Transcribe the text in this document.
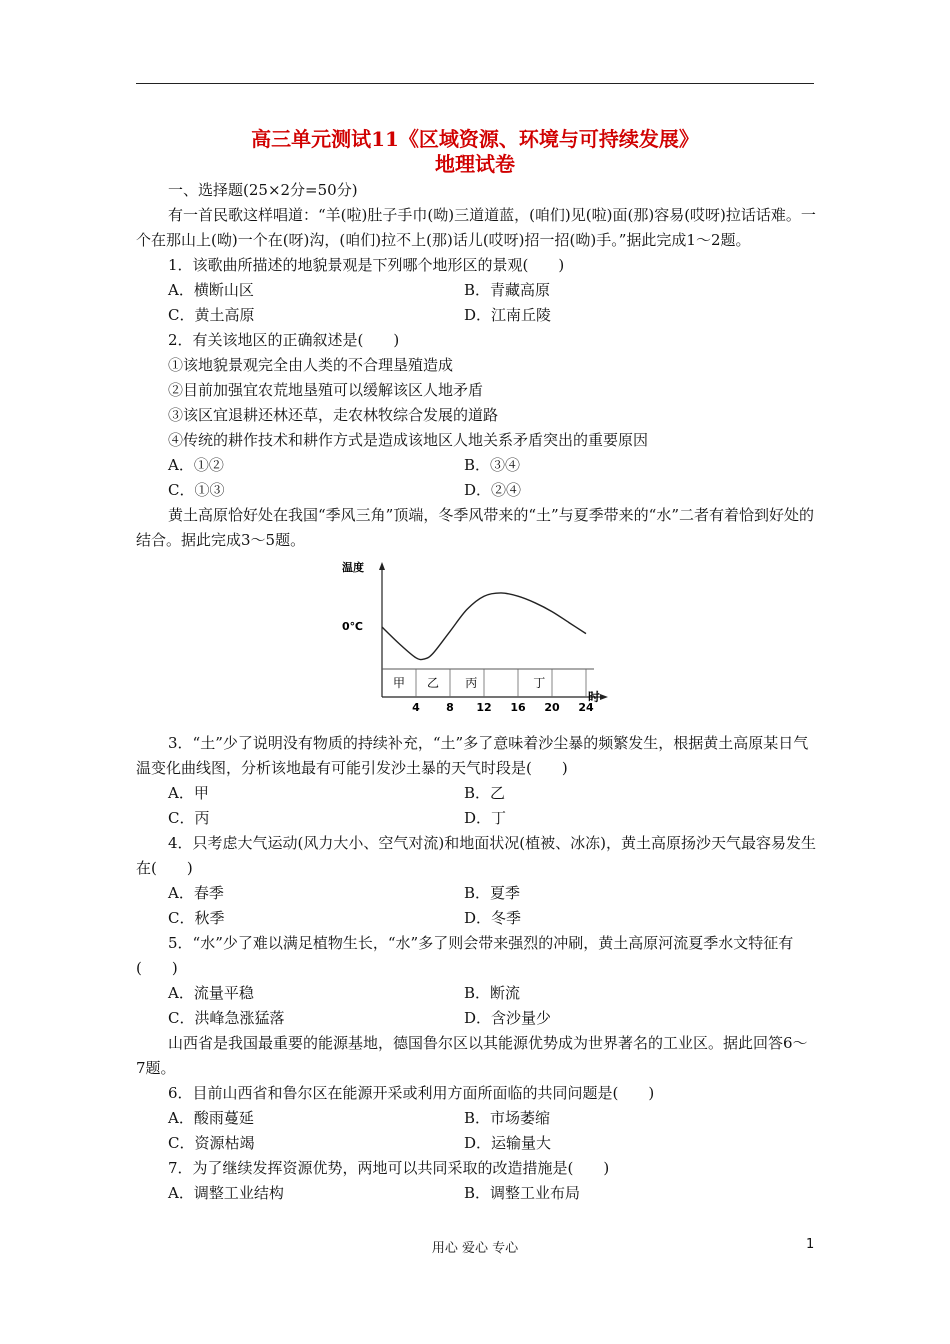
高三单元测试11《区域资源、环境与可持续发展》
地理试卷

一、选择题(25×2分=50分)

有一首民歌这样唱道：“羊(啦)肚子手巾(呦)三道道蓝，(咱们)见(啦)面(那)容易(哎呀)拉话话难。一个在那山上(呦)一个在(呀)沟，(咱们)拉不上(那)话儿(哎呀)招一招(呦)手。”据此完成1～2题。

1．该歌曲所描述的地貌景观是下列哪个地形区的景观(　　)

A．横断山区	B．青藏高原
C．黄土高原	D．江南丘陵

2．有关该地区的正确叙述是(　　)

①该地貌景观完全由人类的不合理垦殖造成

②目前加强宜农荒地垦殖可以缓解该区人地矛盾

③该区宜退耕还林还草，走农林牧综合发展的道路

④传统的耕作技术和耕作方式是造成该地区人地关系矛盾突出的重要原因

A．①②	B．③④
C．①③	D．②④

黄土高原恰好处在我国“季风三角”顶端，冬季风带来的“土”与夏季带来的“水”二者有着恰到好处的结合。据此完成3～5题。

温度
0℃
时
4 8 12 16 20 24
甲 乙 丙	丁

3．“土”少了说明没有物质的持续补充，“土”多了意味着沙尘暴的频繁发生，根据黄土高原某日气温变化曲线图，分析该地最有可能引发沙土暴的天气时段是(　　)

A．甲	B．乙
C．丙	D．丁

4．只考虑大气运动(风力大小、空气对流)和地面状况(植被、冰冻)，黄土高原扬沙天气最容易发生在(　　)

A．春季	B．夏季
C．秋季	D．冬季

5．“水”少了难以满足植物生长，“水”多了则会带来强烈的冲刷，黄土高原河流夏季水文特征有(　　)

A．流量平稳	B．断流
C．洪峰急涨猛落	D．含沙量少

山西省是我国最重要的能源基地，德国鲁尔区以其能源优势成为世界著名的工业区。据此回答6～7题。

6．目前山西省和鲁尔区在能源开采或利用方面所面临的共同问题是(　　)

A．酸雨蔓延	B．市场萎缩
C．资源枯竭	D．运输量大

7．为了继续发挥资源优势，两地可以共同采取的改造措施是(　　)

A．调整工业结构	B．调整工业布局
用心 爱心 专心	1
